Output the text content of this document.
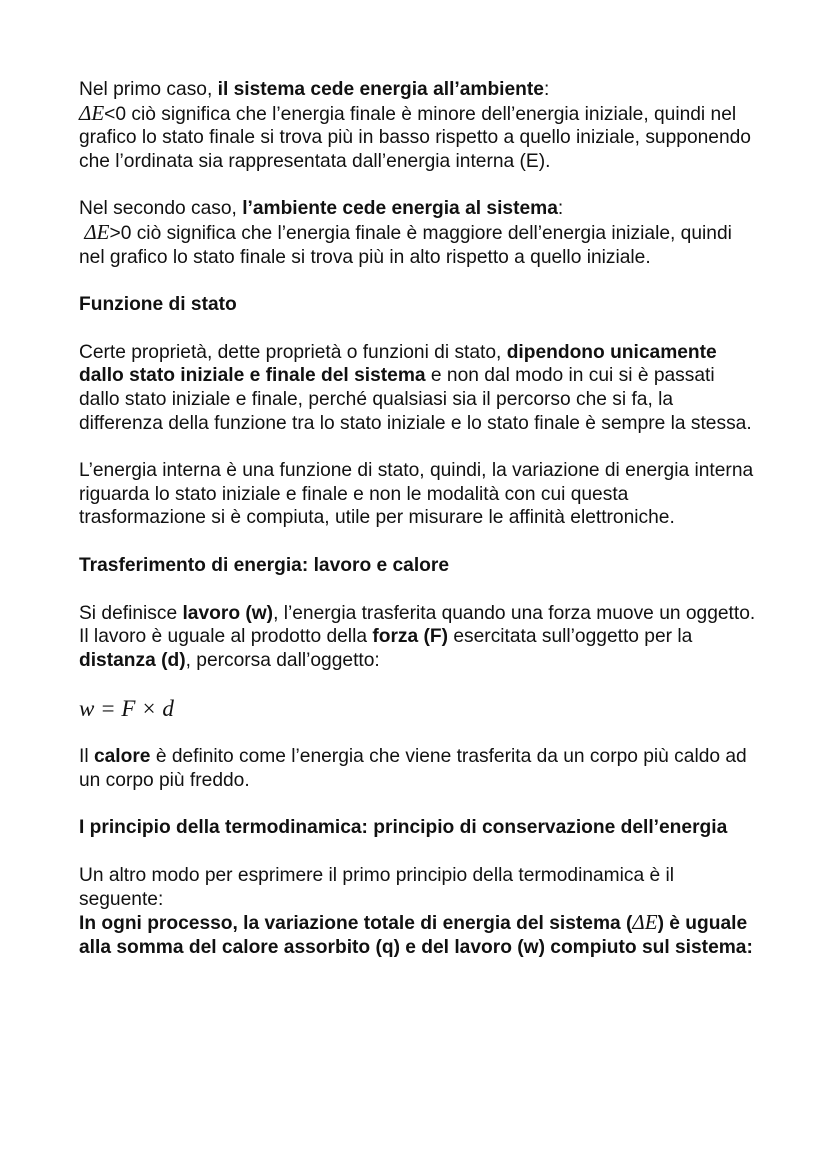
Nel primo caso, il sistema cede energia all’ambiente:
ΔE<0 ciò significa che l’energia finale è minore dell’energia iniziale, quindi nel grafico lo stato finale si trova più in basso rispetto a quello iniziale, supponendo che l’ordinata sia rappresentata dall’energia interna (E).

Nel secondo caso, l’ambiente cede energia al sistema:
ΔE>0 ciò significa che l’energia finale è maggiore dell’energia iniziale, quindi nel grafico lo stato finale si trova più in alto rispetto a quello iniziale.

Funzione di stato

Certe proprietà, dette proprietà o funzioni di stato, dipendono unicamente dallo stato iniziale e finale del sistema e non dal modo in cui si è passati dallo stato iniziale e finale, perché qualsiasi sia il percorso che si fa, la differenza della funzione tra lo stato iniziale e lo stato finale è sempre la stessa.

L’energia interna è una funzione di stato, quindi, la variazione di energia interna riguarda lo stato iniziale e finale e non le modalità con cui questa trasformazione si è compiuta, utile per misurare le affinità elettroniche.

Trasferimento di energia: lavoro e calore

Si definisce lavoro (w), l’energia trasferita quando una forza muove un oggetto. Il lavoro è uguale al prodotto della forza (F) esercitata sull’oggetto per la distanza (d), percorsa dall’oggetto:

w = F × d

Il calore è definito come l’energia che viene trasferita da un corpo più caldo ad un corpo più freddo.

I principio della termodinamica: principio di conservazione dell’energia

Un altro modo per esprimere il primo principio della termodinamica è il seguente:

In ogni processo, la variazione totale di energia del sistema (ΔE) è uguale alla somma del calore assorbito (q) e del lavoro (w) compiuto sul sistema:
